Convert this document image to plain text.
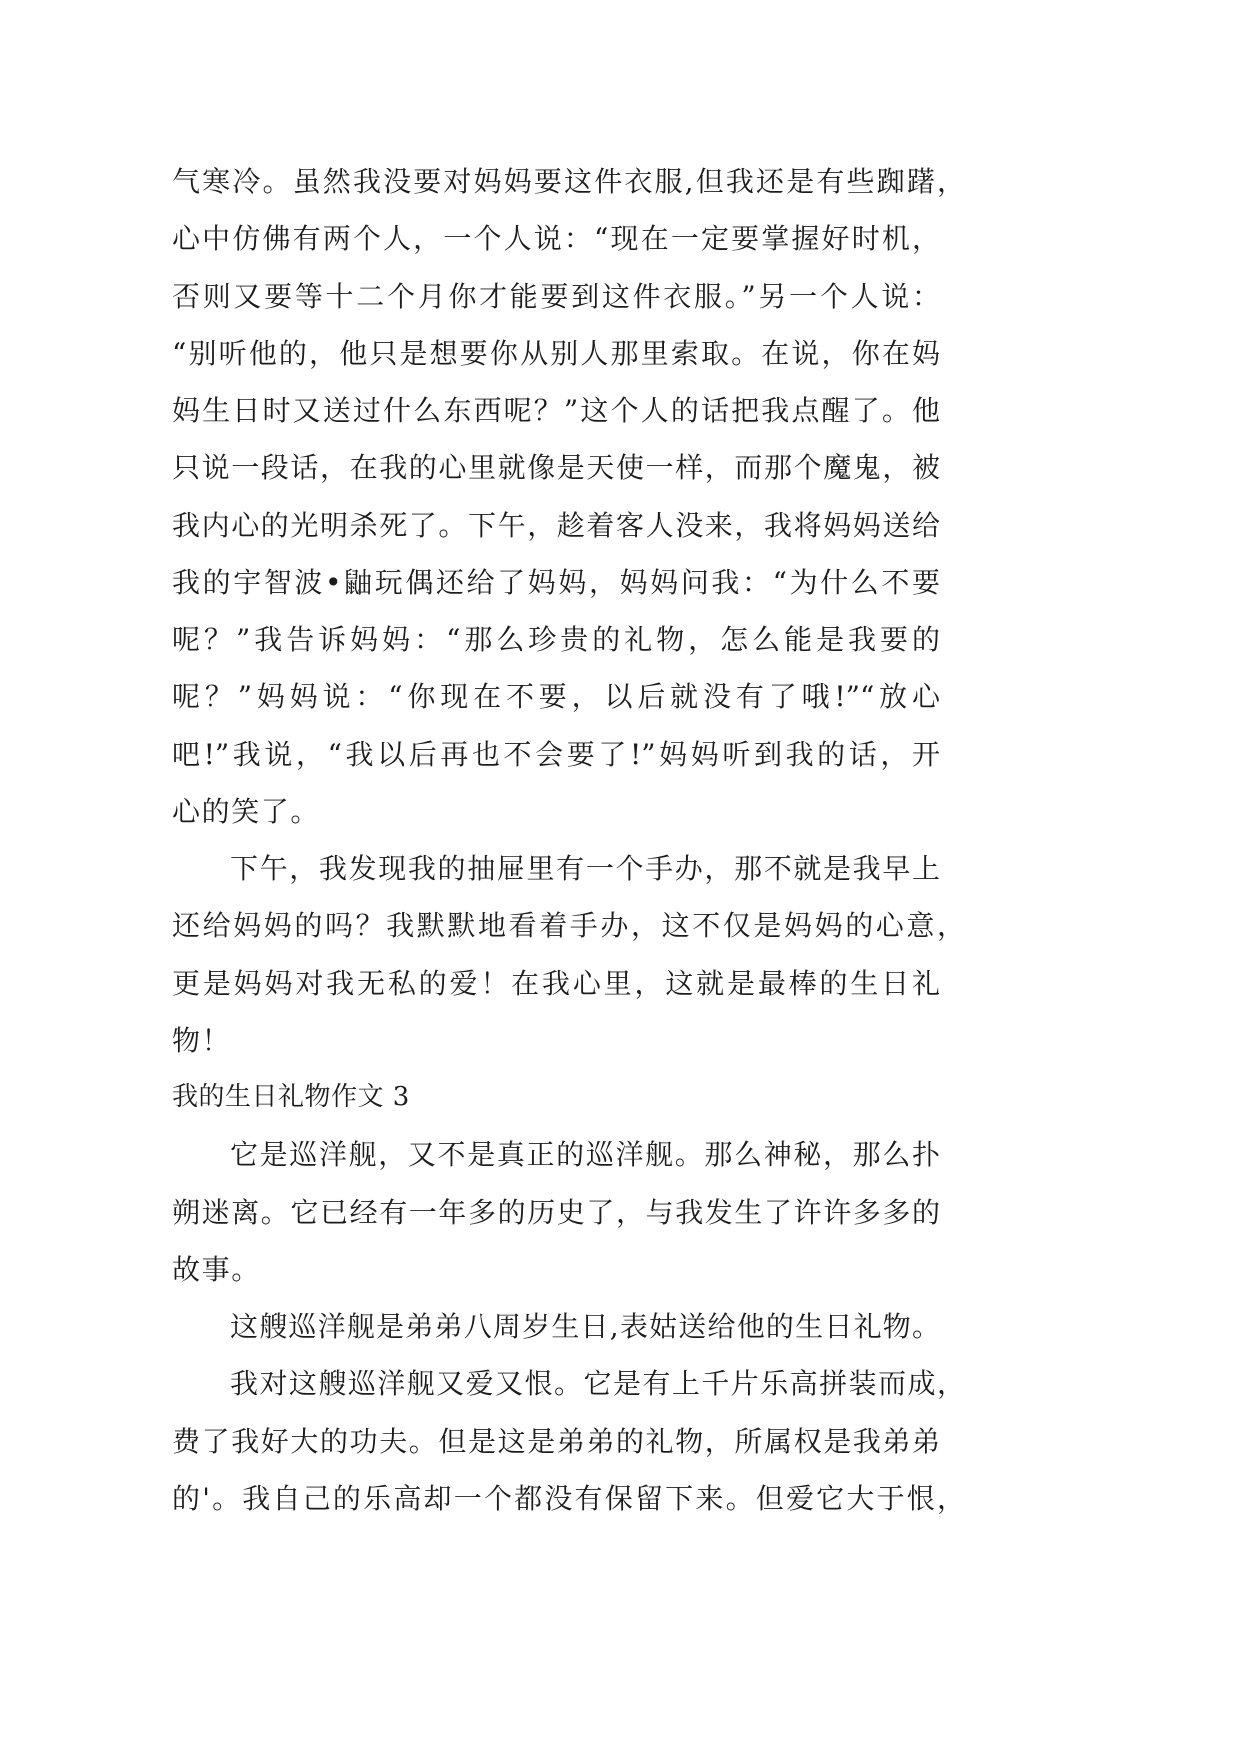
气寒冷。虽然我没要对妈妈要这件衣服,但我还是有些踟躇，
心中仿佛有两个人，一个人说：“现在一定要掌握好时机，
否则又要等十二个月你才能要到这件衣服。”另一个人说：
“别听他的，他只是想要你从别人那里索取。在说，你在妈
妈生日时又送过什么东西呢？”这个人的话把我点醒了。他
只说一段话，在我的心里就像是天使一样，而那个魔鬼，被
我内心的光明杀死了。下午，趁着客人没来，我将妈妈送给
我的宇智波•鼬玩偶还给了妈妈，妈妈问我：“为什么不要
呢？”我告诉妈妈：“那么珍贵的礼物，怎么能是我要的
呢？”妈妈说：“你现在不要，以后就没有了哦!”“放心
吧!”我说，“我以后再也不会要了!”妈妈听到我的话，开
心的笑了。
下午，我发现我的抽屉里有一个手办，那不就是我早上
还给妈妈的吗？我默默地看着手办，这不仅是妈妈的心意，
更是妈妈对我无私的爱！在我心里，这就是最棒的生日礼
物！
我的生日礼物作文 3
它是巡洋舰，又不是真正的巡洋舰。那么神秘，那么扑
朔迷离。它已经有一年多的历史了，与我发生了许许多多的
故事。
这艘巡洋舰是弟弟八周岁生日,表姑送给他的生日礼物。
我对这艘巡洋舰又爱又恨。它是有上千片乐高拼装而成，
费了我好大的功夫。但是这是弟弟的礼物，所属权是我弟弟
的'。我自己的乐高却一个都没有保留下来。但爱它大于恨，
